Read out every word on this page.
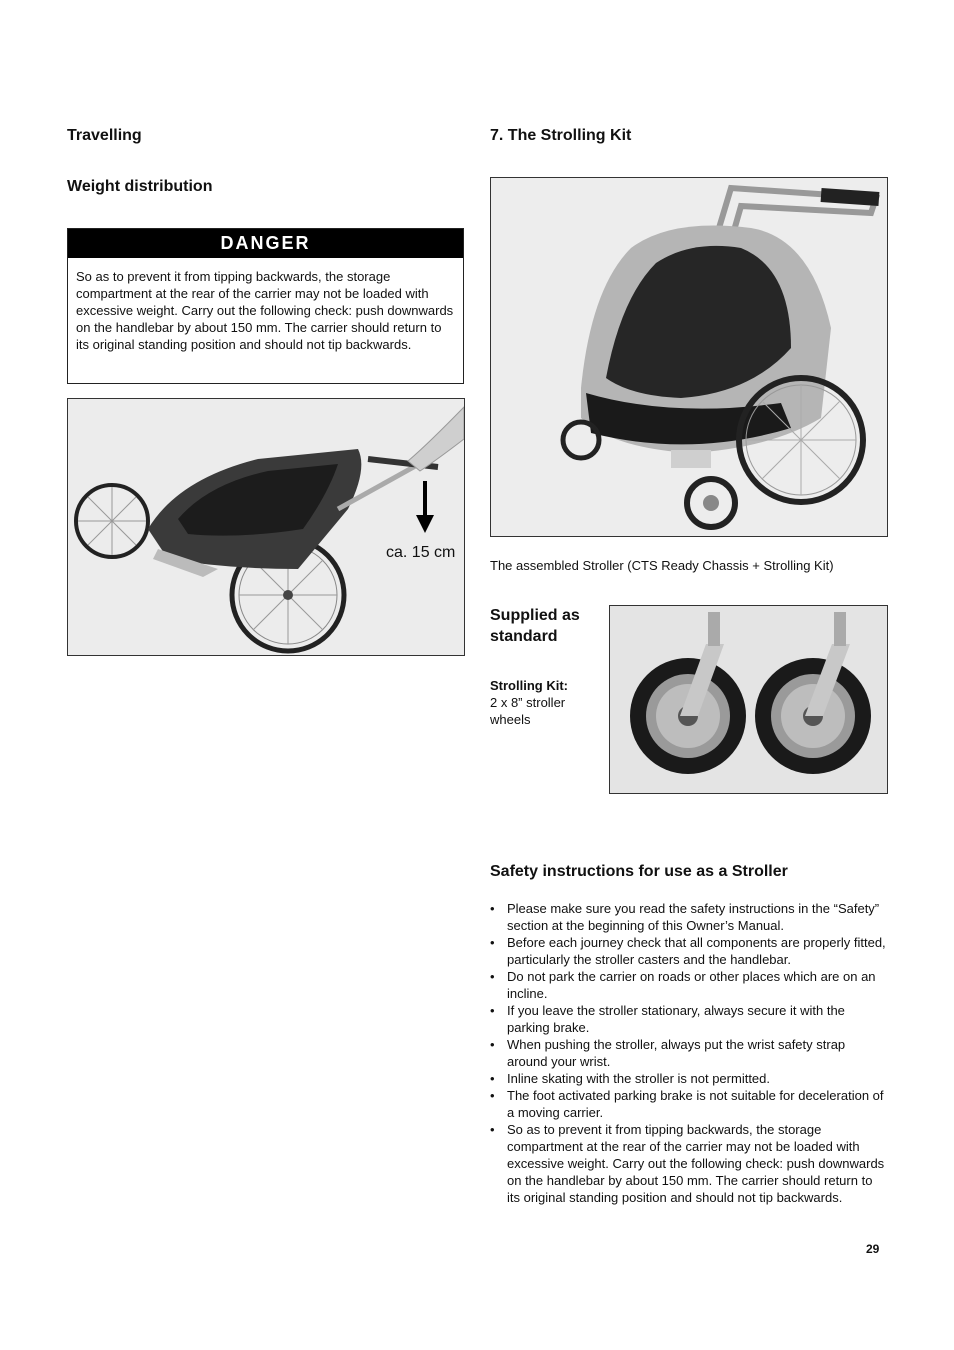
Travelling
Weight distribution
DANGER
So as to prevent it from tipping backwards, the storage compartment at the rear of the carrier may not be loaded with excessive weight. Carry out the following check: push downwards on the handlebar by about 150 mm. The carrier should return to its original standing position and should not tip backwards.
ca. 15 cm
7. The Strolling Kit
The assembled Stroller (CTS Ready Chassis + Strolling Kit)
Supplied as standard
Strolling Kit:
2 x 8” stroller wheels
Safety instructions for use as a Stroller
• Please make sure you read the safety instructions in the “Safety” section at the beginning of this Owner’s Manual.
• Before each journey check that all components are properly fitted, particularly the stroller casters and the handlebar.
• Do not park the carrier on roads or other places which are on an incline.
• If you leave the stroller stationary, always secure it with the parking brake.
• When pushing the stroller, always put the wrist safety strap around your wrist.
• Inline skating with the stroller is not permitted.
• The foot activated parking brake is not suitable for deceleration of a moving carrier.
• So as to prevent it from tipping backwards, the storage compartment at the rear of the carrier may not be loaded with excessive weight. Carry out the following check: push downwards on the handlebar by about 150 mm. The carrier should return to its original standing position and should not tip backwards.
29
